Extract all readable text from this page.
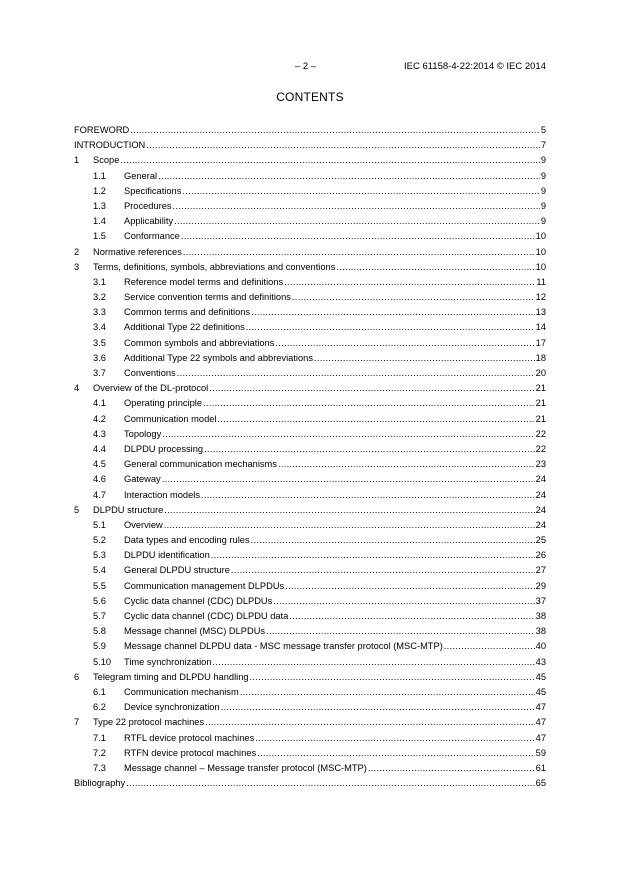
– 2 –	IEC 61158-4-22:2014 © IEC 2014
CONTENTS
FOREWORD .....	5
INTRODUCTION .....	7
1 Scope .....	9
1.1 General .....	9
1.2 Specifications .....	9
1.3 Procedures .....	9
1.4 Applicability .....	9
1.5 Conformance .....	10
2 Normative references .....	10
3 Terms, definitions, symbols, abbreviations and conventions .....	10
3.1 Reference model terms and definitions .....	11
3.2 Service convention terms and definitions .....	12
3.3 Common terms and definitions .....	13
3.4 Additional Type 22 definitions .....	14
3.5 Common symbols and abbreviations .....	17
3.6 Additional Type 22 symbols and abbreviations .....	18
3.7 Conventions .....	20
4 Overview of the DL-protocol .....	21
4.1 Operating principle .....	21
4.2 Communication model .....	21
4.3 Topology .....	22
4.4 DLPDU processing .....	22
4.5 General communication mechanisms .....	23
4.6 Gateway .....	24
4.7 Interaction models .....	24
5 DLPDU structure .....	24
5.1 Overview .....	24
5.2 Data types and encoding rules .....	25
5.3 DLPDU identification .....	26
5.4 General DLPDU structure .....	27
5.5 Communication management DLPDUs .....	29
5.6 Cyclic data channel (CDC) DLPDUs .....	37
5.7 Cyclic data channel (CDC) DLPDU data .....	38
5.8 Message channel (MSC) DLPDUs .....	38
5.9 Message channel DLPDU data - MSC message transfer protocol (MSC-MTP) .....	40
5.10 Time synchronization .....	43
6 Telegram timing and DLPDU handling .....	45
6.1 Communication mechanism .....	45
6.2 Device synchronization .....	47
7 Type 22 protocol machines .....	47
7.1 RTFL device protocol machines .....	47
7.2 RTFN device protocol machines .....	59
7.3 Message channel – Message transfer protocol (MSC-MTP) .....	61
Bibliography .....	65
